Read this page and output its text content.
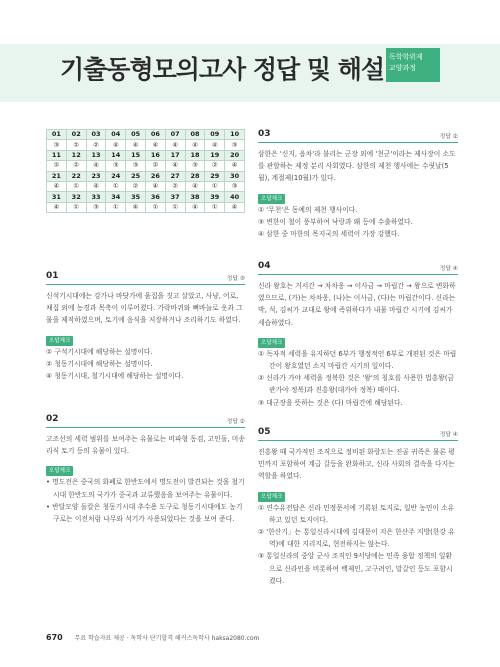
기출동형모의고사 정답 및 해설 독학학위제
교양과정
01	02	03	04	05	06	07	08	09	10
③	②	②	④	④	④	④	④	④	③
11	12	13	14	15	16	17	18	19	20
②	②	④	③	③	②	④	③	②	④
21	22	23	24	25	26	27	28	29	30
④	①	④	①	②	④	②	④	①	③
31	32	33	34	35	36	37	38	39	40
④	①	③	①	④	①	①	④	①	④
01	정답 ③
신석기시대에는 강가나 바닷가에 움집을 짓고 살았고, 사냥, 어로, 채집 외에 농경과 목축이 이루어졌다. 가락바퀴와 뼈바늘로 옷과 그물을 제작하였으며, 토기에 음식을 저장하거나 조리하기도 하였다.
오답체크
① 구석기시대에 해당하는 설명이다.
② 청동기시대에 해당하는 설명이다.
④ 청동기시대, 철기시대에 해당하는 설명이다.
02	정답 ②
고조선의 세력 범위를 보여주는 유물로는 비파형 동검, 고인돌, 미송리식 토기 등의 유물이 있다.
오답체크
• 명도전은 중국의 화폐로 한반도에서 명도전이 발견되는 것을 철기시대 한반도의 국가가 중국과 교류했음을 보여주는 유물이다.
• 반달모양 돌칼은 청동기시대 추수용 도구로 청동기시대에도 농기구로는 이전처럼 나무와 석기가 사용되었다는 것을 보여 준다.
03	정답 ②
삼한은 '신지, 읍차'라 불리는 군장 외에 '천군'이라는 제사장이 소도를 관할하는 제정 분리 사회였다. 삼한의 제천 행사에는 수릿날(5월), 계절제(10월)가 있다.
오답체크
① '무천'은 동예의 제천 행사이다.
③ 변한이 철이 풍부하여 낙랑과 왜 등에 수출하였다.
④ 삼한 중 마한의 목지국의 세력이 가장 강했다.
04	정답 ④
신라 왕호는 거서간 → 차차웅 → 이사금 → 마립간 → 왕으로 변화하였으므로, (가)는 차차웅, (나)는 이사금, (다)는 마립간이다. 신라는 박, 석, 김씨가 교대로 왕에 즉위하다가 내물 마립간 시기에 김씨가 세습하였다.
오답체크
① 독자적 세력을 유지하던 6부가 행정적인 6부로 개편된 것은 마립간이 왕호였던 소지 마립간 시기의 일이다.
② 신라가 가야 세력을 정복한 것은 '왕'의 칭호를 사용한 법흥왕(금관가야 정복)과 진흥왕(대가야 정복) 때이다.
③ 대군장을 뜻하는 것은 (다) 마립간에 해당된다.
05	정답 ④
진흥왕 때 국가적인 조직으로 정비된 화랑도는 진골 귀족은 물론 평민까지 포함하여 계급 갈등을 완화하고, 신라 사회의 결속을 다지는 역할을 하였다.
오답체크
① 연수유전답은 신라 민정문서에 기록된 토지로, 일반 농민이 소유하고 있던 토지이다.
② '한산기」는 통일신라시대에 김대문이 지은 한산주 지방(한강 유역)에 대한 지리지로, 현전하지는 않는다.
③ 통일신라의 중앙 군사 조직인 9서당에는 민족 융합 정책의 일환으로 신라인을 비롯하여 백제인, 고구려인, 말갈인 등도 포함시켰다.
670 무료 학습자료 제공 · 독학사 단기합격 해커스독학사 haksa2080.com
